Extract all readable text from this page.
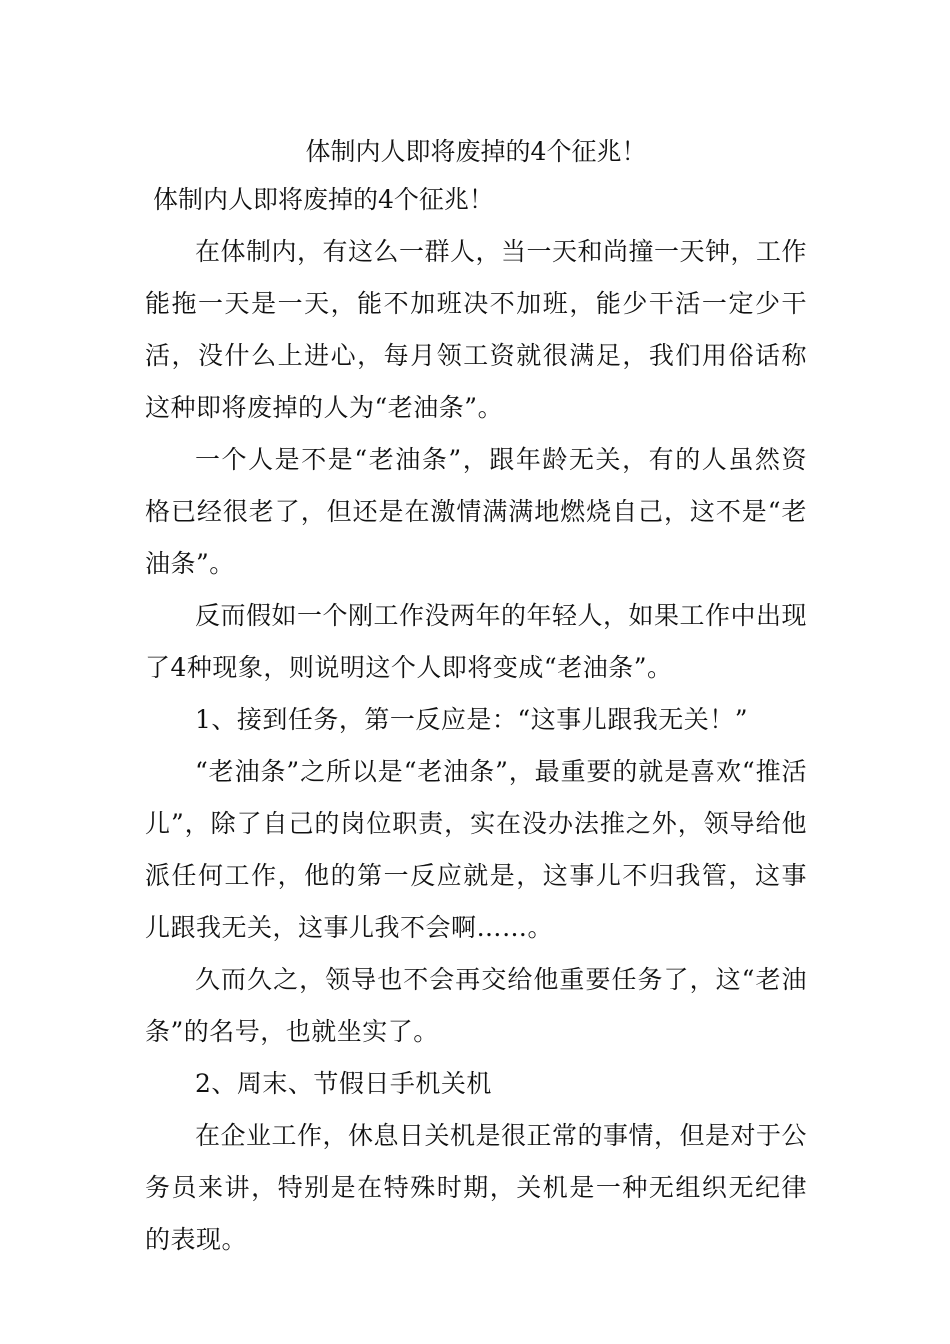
体制内人即将废掉的4个征兆！

体制内人即将废掉的4个征兆！

在体制内，有这么一群人，当一天和尚撞一天钟，工作能拖一天是一天，能不加班决不加班，能少干活一定少干活，没什么上进心，每月领工资就很满足，我们用俗话称这种即将废掉的人为“老油条”。

一个人是不是“老油条”，跟年龄无关，有的人虽然资格已经很老了，但还是在激情满满地燃烧自己，这不是“老油条”。

反而假如一个刚工作没两年的年轻人，如果工作中出现了4种现象，则说明这个人即将变成“老油条”。

1、接到任务，第一反应是：“这事儿跟我无关！”

“老油条”之所以是“老油条”，最重要的就是喜欢“推活儿”，除了自己的岗位职责，实在没办法推之外，领导给他派任何工作，他的第一反应就是，这事儿不归我管，这事儿跟我无关，这事儿我不会啊……。

久而久之，领导也不会再交给他重要任务了，这“老油条”的名号，也就坐实了。

2、周末、节假日手机关机

在企业工作，休息日关机是很正常的事情，但是对于公务员来讲，特别是在特殊时期，关机是一种无组织无纪律的表现。
